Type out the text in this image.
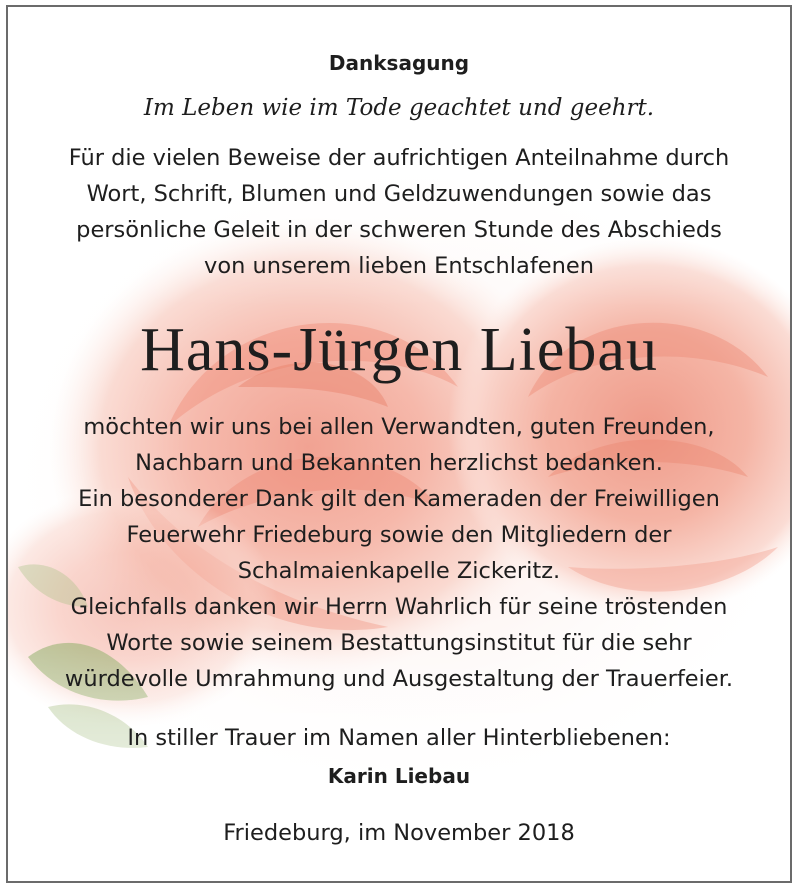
Danksagung

Im Leben wie im Tode geachtet und geehrt.

Für die vielen Beweise der aufrichtigen Anteilnahme durch
Wort, Schrift, Blumen und Geldzuwendungen sowie das
persönliche Geleit in der schweren Stunde des Abschieds
von unserem lieben Entschlafenen

Hans-Jürgen Liebau

möchten wir uns bei allen Verwandten, guten Freunden,
Nachbarn und Bekannten herzlichst bedanken.
Ein besonderer Dank gilt den Kameraden der Freiwilligen
Feuerwehr Friedeburg sowie den Mitgliedern der
Schalmaienkapelle Zickeritz.
Gleichfalls danken wir Herrn Wahrlich für seine tröstenden
Worte sowie seinem Bestattungsinstitut für die sehr
würdevolle Umrahmung und Ausgestaltung der Trauerfeier.

In stiller Trauer im Namen aller Hinterbliebenen:

Karin Liebau

Friedeburg, im November 2018
